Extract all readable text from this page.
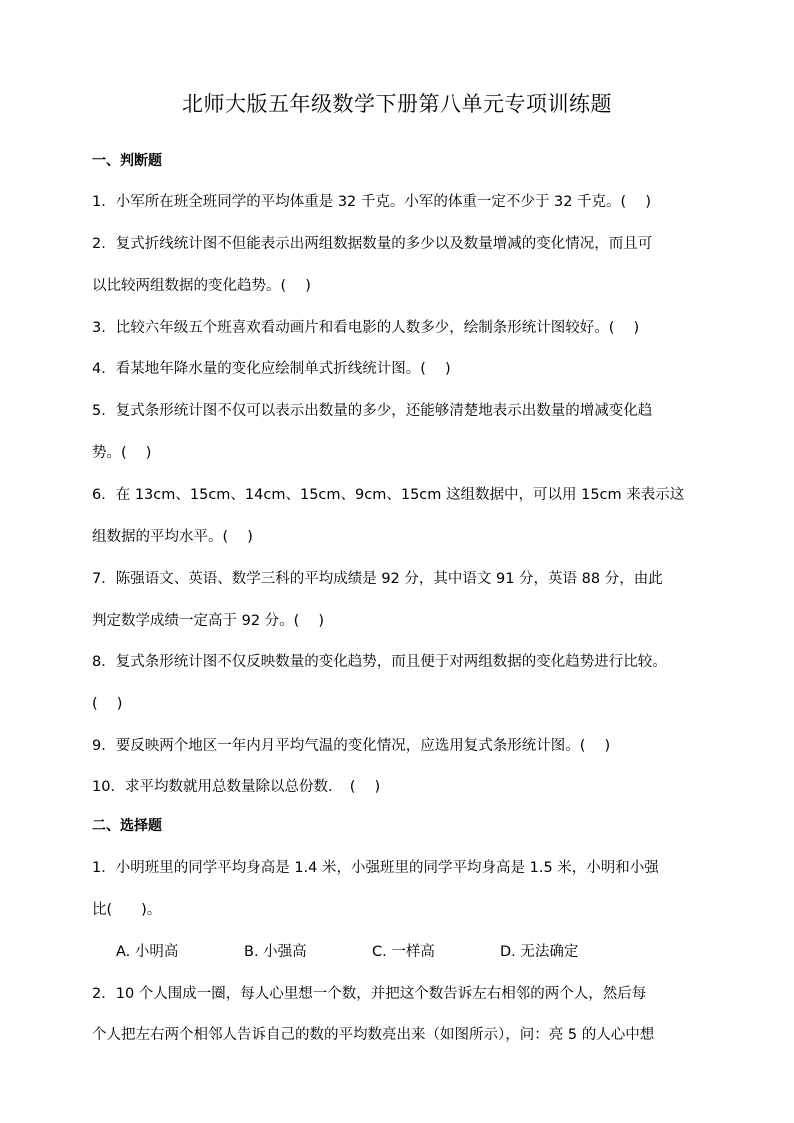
北师大版五年级数学下册第八单元专项训练题
一、判断题
1．小军所在班全班同学的平均体重是 32 千克。小军的体重一定不少于 32 千克。(　 )
2．复式折线统计图不但能表示出两组数据数量的多少以及数量增减的变化情况，而且可
以比较两组数据的变化趋势。(　 )
3．比较六年级五个班喜欢看动画片和看电影的人数多少，绘制条形统计图较好。(　 )
4．看某地年降水量的变化应绘制单式折线统计图。(　 )
5．复式条形统计图不仅可以表示出数量的多少，还能够清楚地表示出数量的增减变化趋
势。(　 )
6．在 13cm、15cm、14cm、15cm、9cm、15cm 这组数据中，可以用 15cm 来表示这
组数据的平均水平。(　 )
7．陈强语文、英语、数学三科的平均成绩是 92 分，其中语文 91 分，英语 88 分，由此
判定数学成绩一定高于 92 分。(　 )
8．复式条形统计图不仅反映数量的变化趋势，而且便于对两组数据的变化趋势进行比较。
(　 )
9．要反映两个地区一年内月平均气温的变化情况，应选用复式条形统计图。(　 )
10．求平均数就用总数量除以总份数．　(　 )
二、选择题
1．小明班里的同学平均身高是 1.4 米，小强班里的同学平均身高是 1.5 米，小明和小强
比(　　)。
A. 小明高	B. 小强高	C. 一样高	D. 无法确定
2．10 个人围成一圈，每人心里想一个数，并把这个数告诉左右相邻的两个人，然后每
个人把左右两个相邻人告诉自己的数的平均数亮出来（如图所示），问：亮 5 的人心中想
